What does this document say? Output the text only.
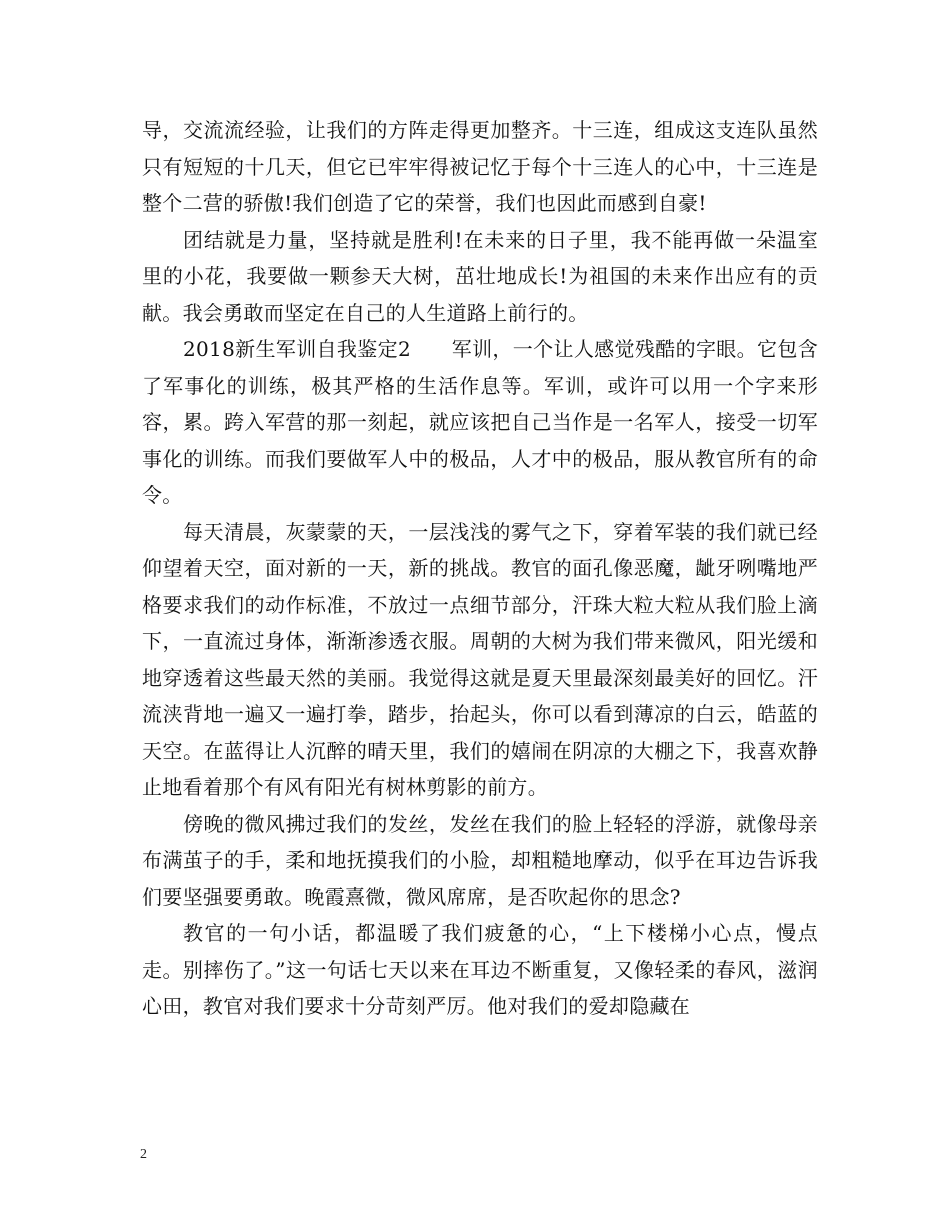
导，交流流经验，让我们的方阵走得更加整齐。十三连，组成这支连队虽然只有短短的十几天，但它已牢牢得被记忆于每个十三连人的心中，十三连是整个二营的骄傲!我们创造了它的荣誉，我们也因此而感到自豪!

团结就是力量，坚持就是胜利!在未来的日子里，我不能再做一朵温室里的小花，我要做一颗参天大树，茁壮地成长!为祖国的未来作出应有的贡献。我会勇敢而坚定在自己的人生道路上前行的。

2018新生军训自我鉴定2　　军训，一个让人感觉残酷的字眼。它包含了军事化的训练，极其严格的生活作息等。军训，或许可以用一个字来形容，累。跨入军营的那一刻起，就应该把自己当作是一名军人，接受一切军事化的训练。而我们要做军人中的极品，人才中的极品，服从教官所有的命令。

每天清晨，灰蒙蒙的天，一层浅浅的雾气之下，穿着军装的我们就已经仰望着天空，面对新的一天，新的挑战。教官的面孔像恶魔，龇牙咧嘴地严格要求我们的动作标准，不放过一点细节部分，汗珠大粒大粒从我们脸上滴下，一直流过身体，渐渐渗透衣服。周朝的大树为我们带来微风，阳光缓和地穿透着这些最天然的美丽。我觉得这就是夏天里最深刻最美好的回忆。汗流浃背地一遍又一遍打拳，踏步，抬起头，你可以看到薄凉的白云，皓蓝的天空。在蓝得让人沉醉的晴天里，我们的嬉闹在阴凉的大棚之下，我喜欢静止地看着那个有风有阳光有树林剪影的前方。

傍晚的微风拂过我们的发丝，发丝在我们的脸上轻轻的浮游，就像母亲布满茧子的手，柔和地抚摸我们的小脸，却粗糙地摩动，似乎在耳边告诉我们要坚强要勇敢。晚霞熹微，微风席席，是否吹起你的思念?

教官的一句小话，都温暖了我们疲惫的心，“上下楼梯小心点，慢点走。别摔伤了。”这一句话七天以来在耳边不断重复，又像轻柔的春风，滋润心田，教官对我们要求十分苛刻严厉。他对我们的爱却隐藏在

2
